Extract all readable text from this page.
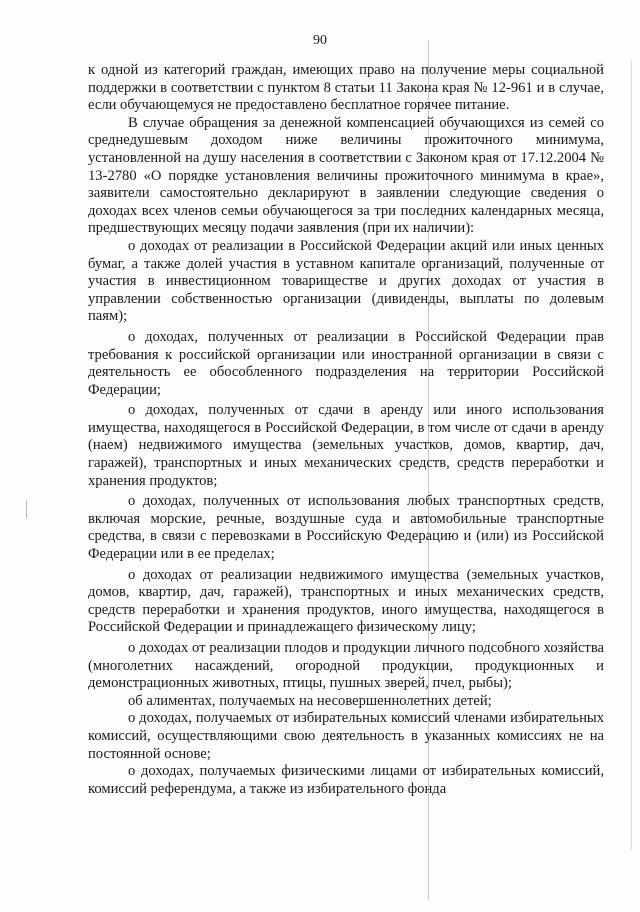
90

к одной из категорий граждан, имеющих право на получение меры социальной поддержки в соответствии с пунктом 8 статьи 11 Закона края № 12-961 и в случае, если обучающемуся не предоставлено бесплатное горячее питание.

В случае обращения за денежной компенсацией обучающихся из семей со среднедушевым доходом ниже величины прожиточного минимума, установленной на душу населения в соответствии с Законом края от 17.12.2004 № 13-2780 «О порядке установления величины прожиточного минимума в крае», заявители самостоятельно декларируют в заявлении следующие сведения о доходах всех членов семьи обучающегося за три последних календарных месяца, предшествующих месяцу подачи заявления (при их наличии):

о доходах от реализации в Российской Федерации акций или иных ценных бумаг, а также долей участия в уставном капитале организаций, полученные от участия в инвестиционном товариществе и других доходах от участия в управлении собственностью организации (дивиденды, выплаты по долевым паям);

о доходах, полученных от реализации в Российской Федерации прав требования к российской организации или иностранной организации в связи с деятельность ее обособленного подразделения на территории Российской Федерации;

о доходах, полученных от сдачи в аренду или иного использования имущества, находящегося в Российской Федерации, в том числе от сдачи в аренду (наем) недвижимого имущества (земельных участков, домов, квартир, дач, гаражей), транспортных и иных механических средств, средств переработки и хранения продуктов;

о доходах, полученных от использования любых транспортных средств, включая морские, речные, воздушные суда и автомобильные транспортные средства, в связи с перевозками в Российскую Федерацию и (или) из Российской Федерации или в ее пределах;

о доходах от реализации недвижимого имущества (земельных участков, домов, квартир, дач, гаражей), транспортных и иных механических средств, средств переработки и хранения продуктов, иного имущества, находящегося в Российской Федерации и принадлежащего физическому лицу;

о доходах от реализации плодов и продукции личного подсобного хозяйства (многолетних насаждений, огородной продукции, продукционных и демонстрационных животных, птицы, пушных зверей, пчел, рыбы);

об алиментах, получаемых на несовершеннолетних детей;

о доходах, получаемых от избирательных комиссий членами избирательных комиссий, осуществляющими свою деятельность в указанных комиссиях не на постоянной основе;

о доходах, получаемых физическими лицами от избирательных комиссий, комиссий референдума, а также из избирательного фонда
